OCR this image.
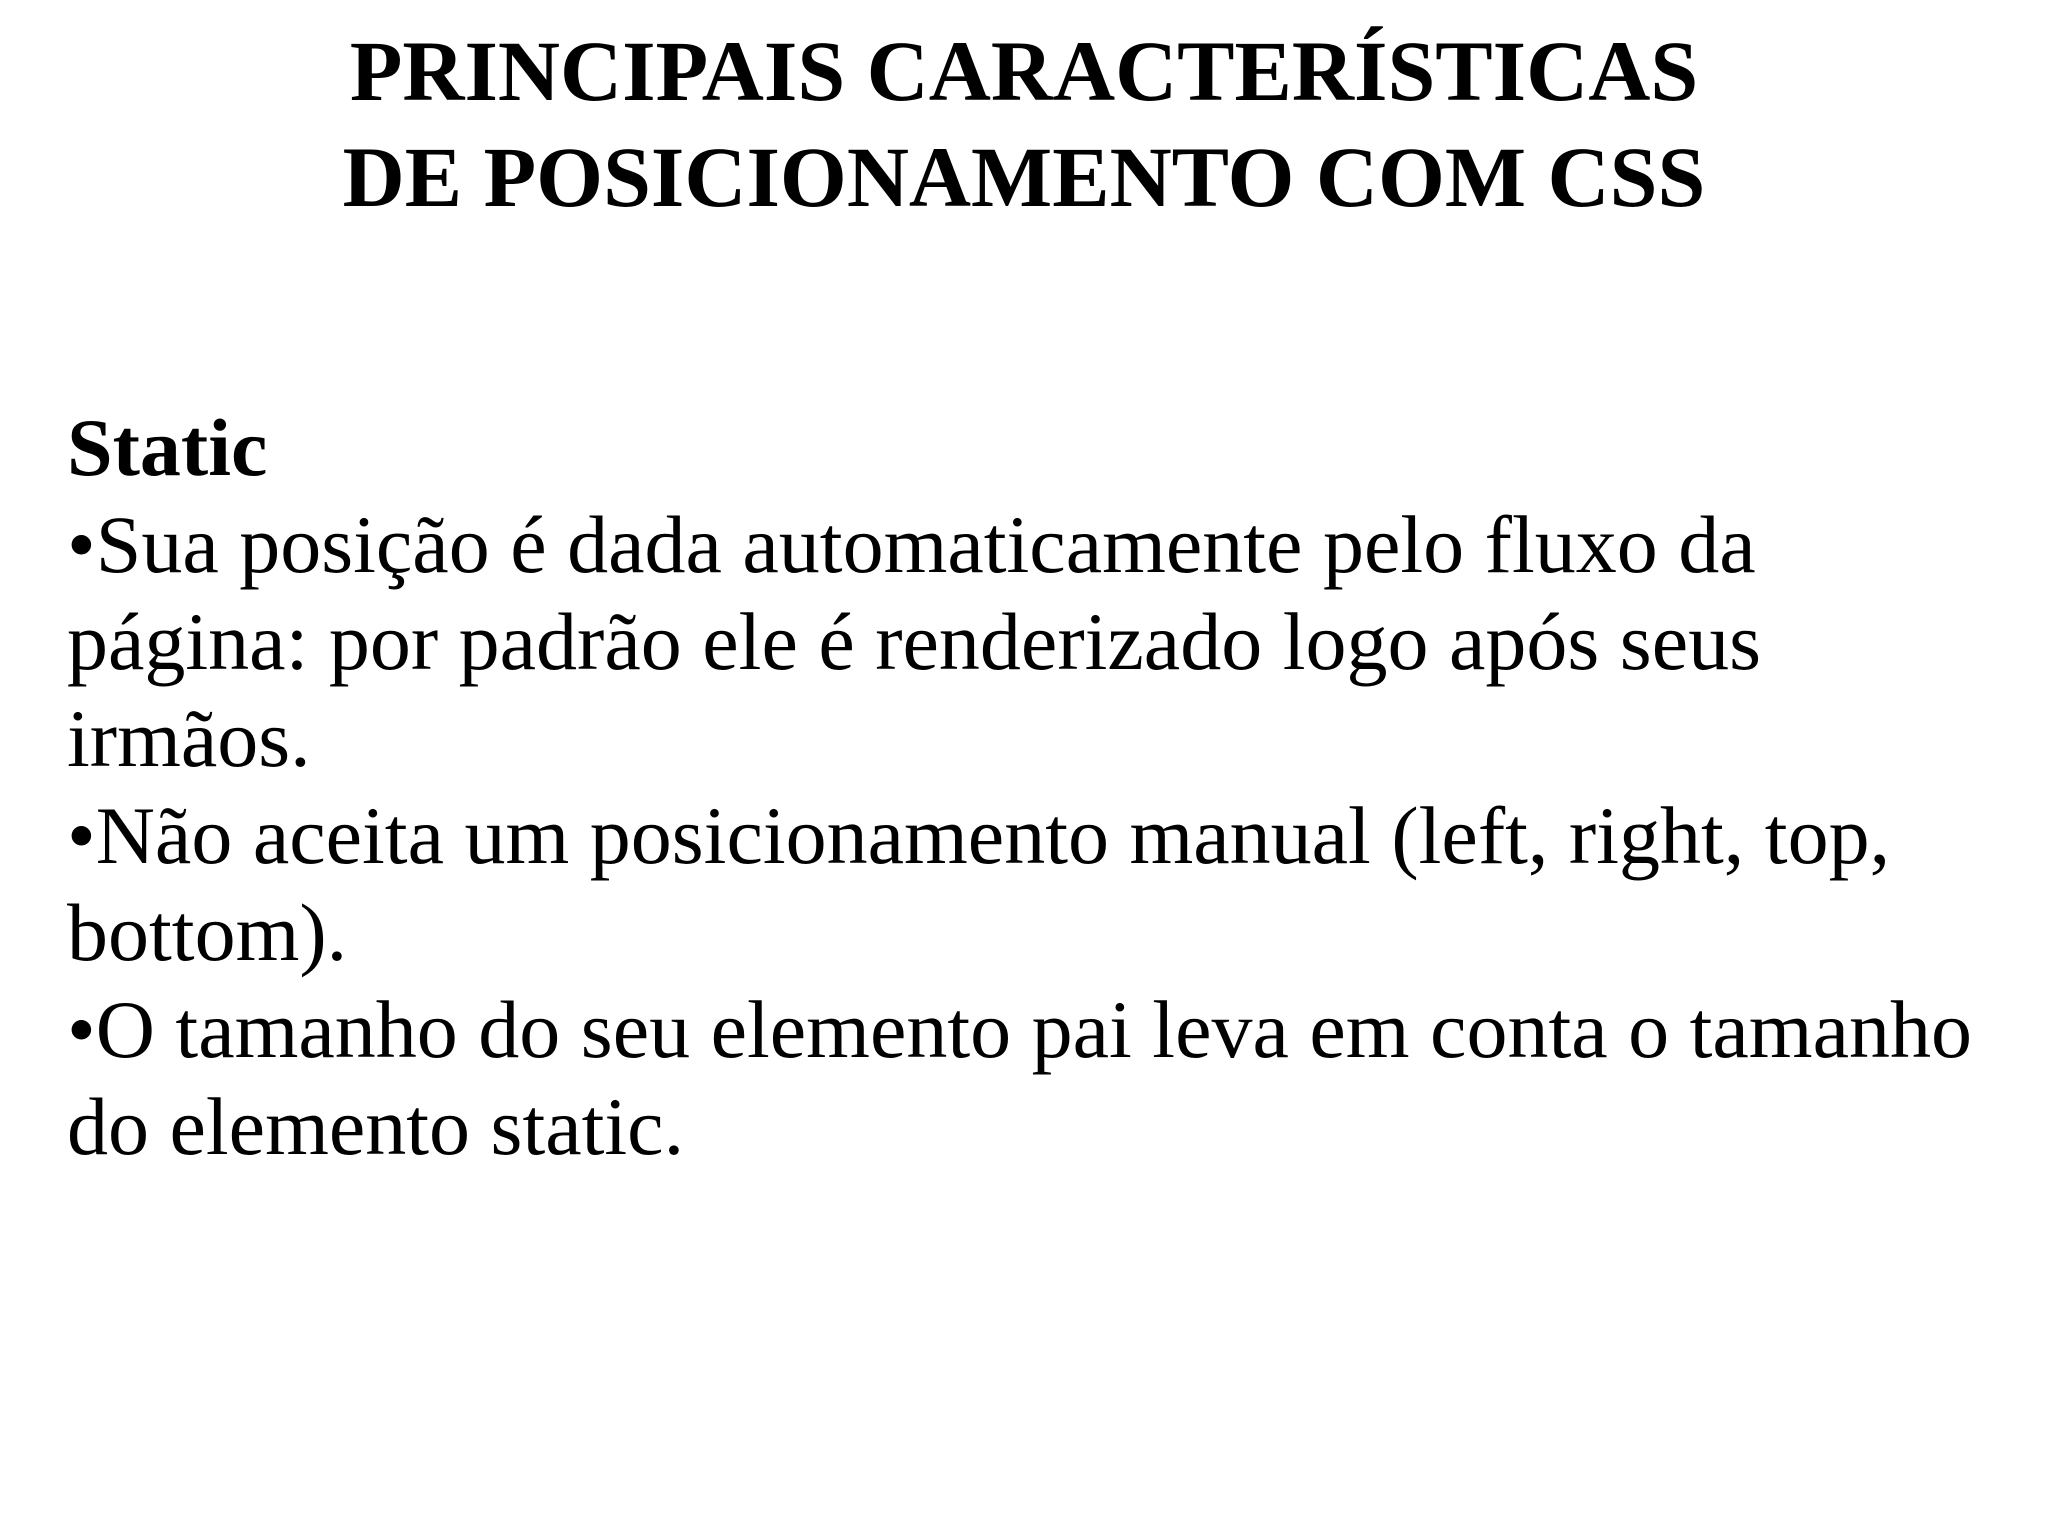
PRINCIPAIS CARACTERÍSTICAS
DE POSICIONAMENTO COM CSS
Static

•Sua posição é dada automaticamente pelo fluxo da página: por padrão ele é renderizado logo após seus irmãos.

•Não aceita um posicionamento manual (left, right, top, bottom).

•O tamanho do seu elemento pai leva em conta o tamanho do elemento static.
